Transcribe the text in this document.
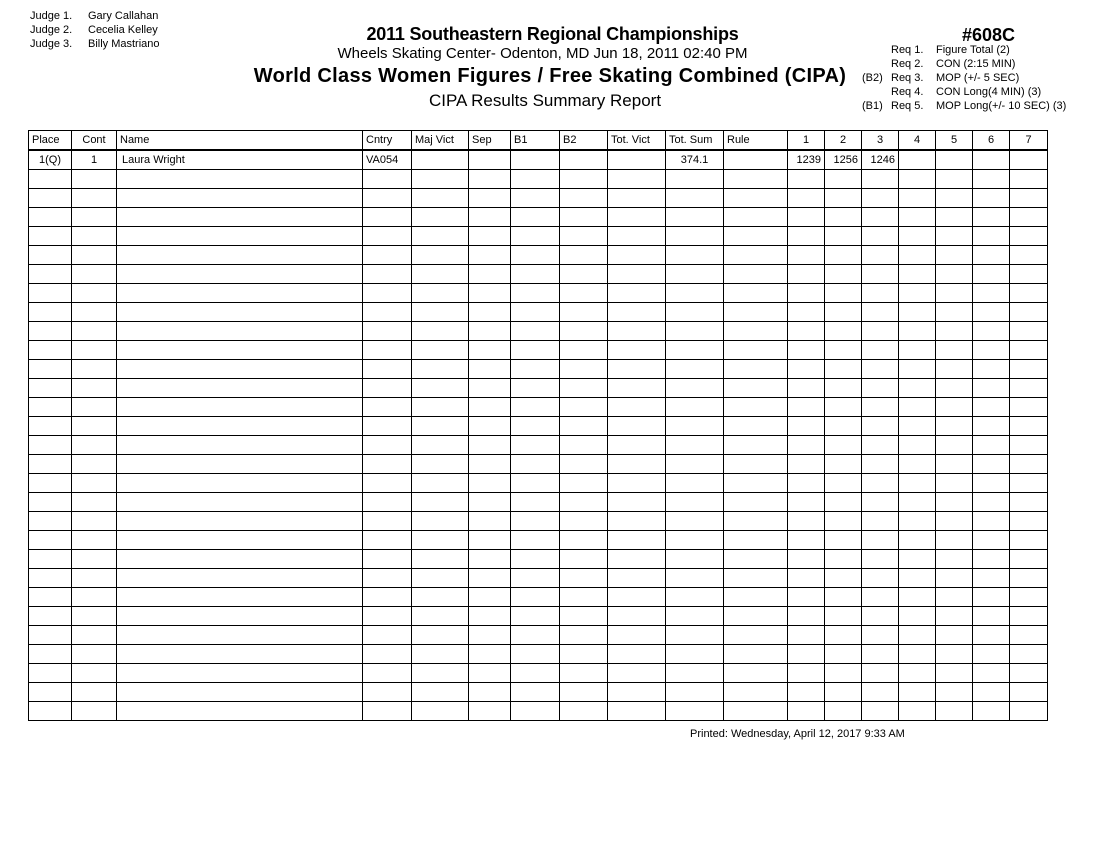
Judge 1. Gary Callahan
Judge 2. Cecelia Kelley
Judge 3. Billy Mastriano	2011 Southeastern Regional Championships
Wheels Skating Center- Odenton, MD Jun 18, 2011 02:40 PM
World Class Women Figures / Free Skating Combined (CIPA)
CIPA Results Summary Report
#608C
Req 1. Figure Total (2)
Req 2. CON (2:15 MIN)
(B2) Req 3. MOP (+/- 5 SEC)
Req 4. CON Long(4 MIN) (3)
(B1) Req 5. MOP Long(+/- 10 SEC) (3)
Place	Cont	Name	Cntry	Maj Vict	Sep	B1	B2	Tot. Vict	Tot. Sum	Rule	1	2	3	4	5	6	7
1(Q)	1	Laura Wright	VA054						374.1		1239	1256	1246				

Printed: Wednesday, April 12, 2017 9:33 AM
